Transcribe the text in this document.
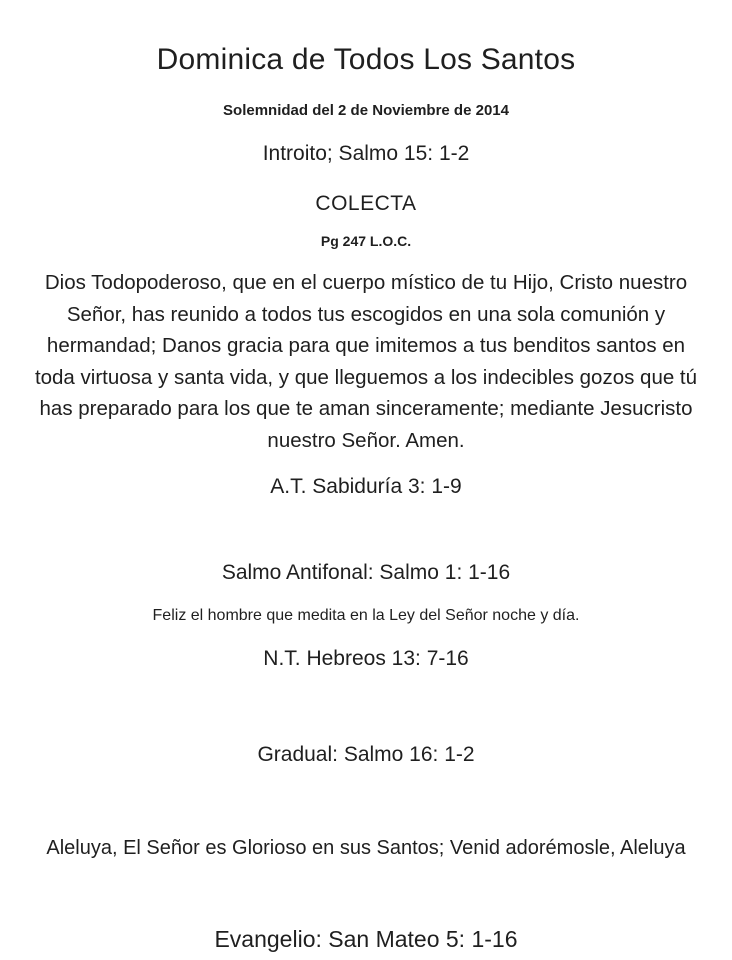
Dominica de Todos Los Santos
Solemnidad del 2 de Noviembre de 2014
Introito; Salmo 15: 1-2
COLECTA
Pg 247 L.O.C.
Dios Todopoderoso, que en el cuerpo místico de tu Hijo, Cristo nuestro Señor, has reunido a todos tus escogidos en una sola comunión y hermandad; Danos gracia para que imitemos a tus benditos santos en toda virtuosa y santa vida, y que lleguemos a los indecibles gozos que tú has preparado para los que te aman sinceramente; mediante Jesucristo nuestro Señor. Amen.
A.T. Sabiduría 3: 1-9
Salmo Antifonal: Salmo 1: 1-16
Feliz el hombre que medita en la Ley del Señor noche y día.
N.T. Hebreos 13: 7-16
Gradual: Salmo 16: 1-2
Aleluya, El Señor es Glorioso en sus Santos; Venid adorémosle, Aleluya
Evangelio: San Mateo 5: 1-16
